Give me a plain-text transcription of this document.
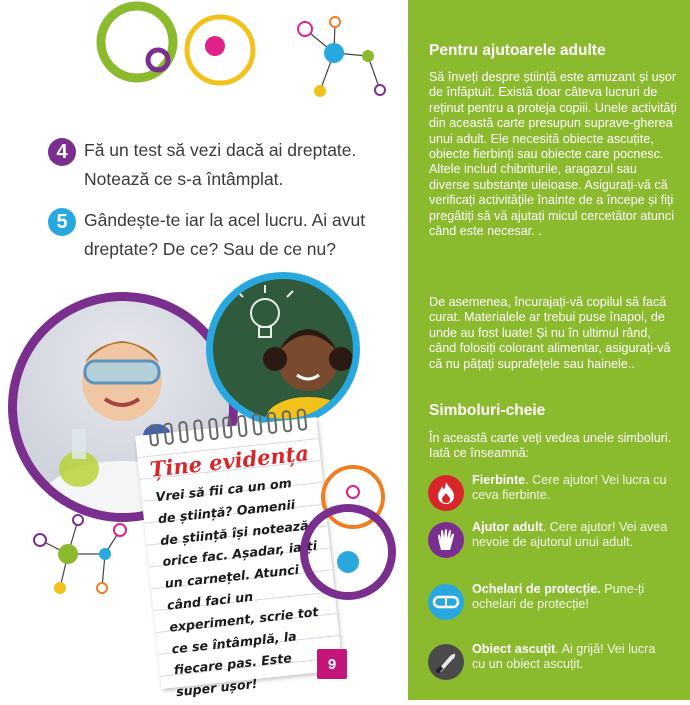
4 Fă un test să vezi dacă ai dreptate. Notează ce s-a întâmplat.
5 Gândește-te iar la acel lucru. Ai avut dreptate? De ce? Sau de ce nu?
Ține evidența
Vrei să fii ca un om de știință? Oamenii de știință își notează orice fac. Așadar, ia-ți un carnețel. Atunci când faci un experiment, scrie tot ce se întâmplă, la fiecare pas. Este super ușor!
9
Pentru ajutoarele adulte
Să înveți despre știință este amuzant și ușor de înfăptuit. Există doar câteva lucruri de reținut pentru a proteja copiii. Unele activități din această carte presupun suprave-gherea unui adult. Ele necesită obiecte ascuțite, obiecte fierbinți sau obiecte care pocnesc. Altele includ chibriturile, aragazul sau diverse substanțe uleioase. Asigurați-vă că verificați activitățile înainte de a începe și fiți pregătiți să vă ajutați micul cercetător atunci când este necesar. .
De asemenea, încurajați-vă copilul să facă curat. Materialele ar trebui puse înapoi, de unde au fost luate! Și nu în ultimul rând, când folosiți colorant alimentar, asigurați-vă că nu pățați suprafețele sau hainele..
Simboluri-cheie
În această carte veți vedea unele simboluri. Iată ce înseamnă:
Fierbinte. Cere ajutor! Vei lucra cu ceva fierbinte.
Ajutor adult. Cere ajutor! Vei avea nevoie de ajutorul unui adult.
Ochelari de protecție. Pune-ți ochelari de protecție!
Obiect ascuțit. Ai grijă! Vei lucra cu un obiect ascuțit.
